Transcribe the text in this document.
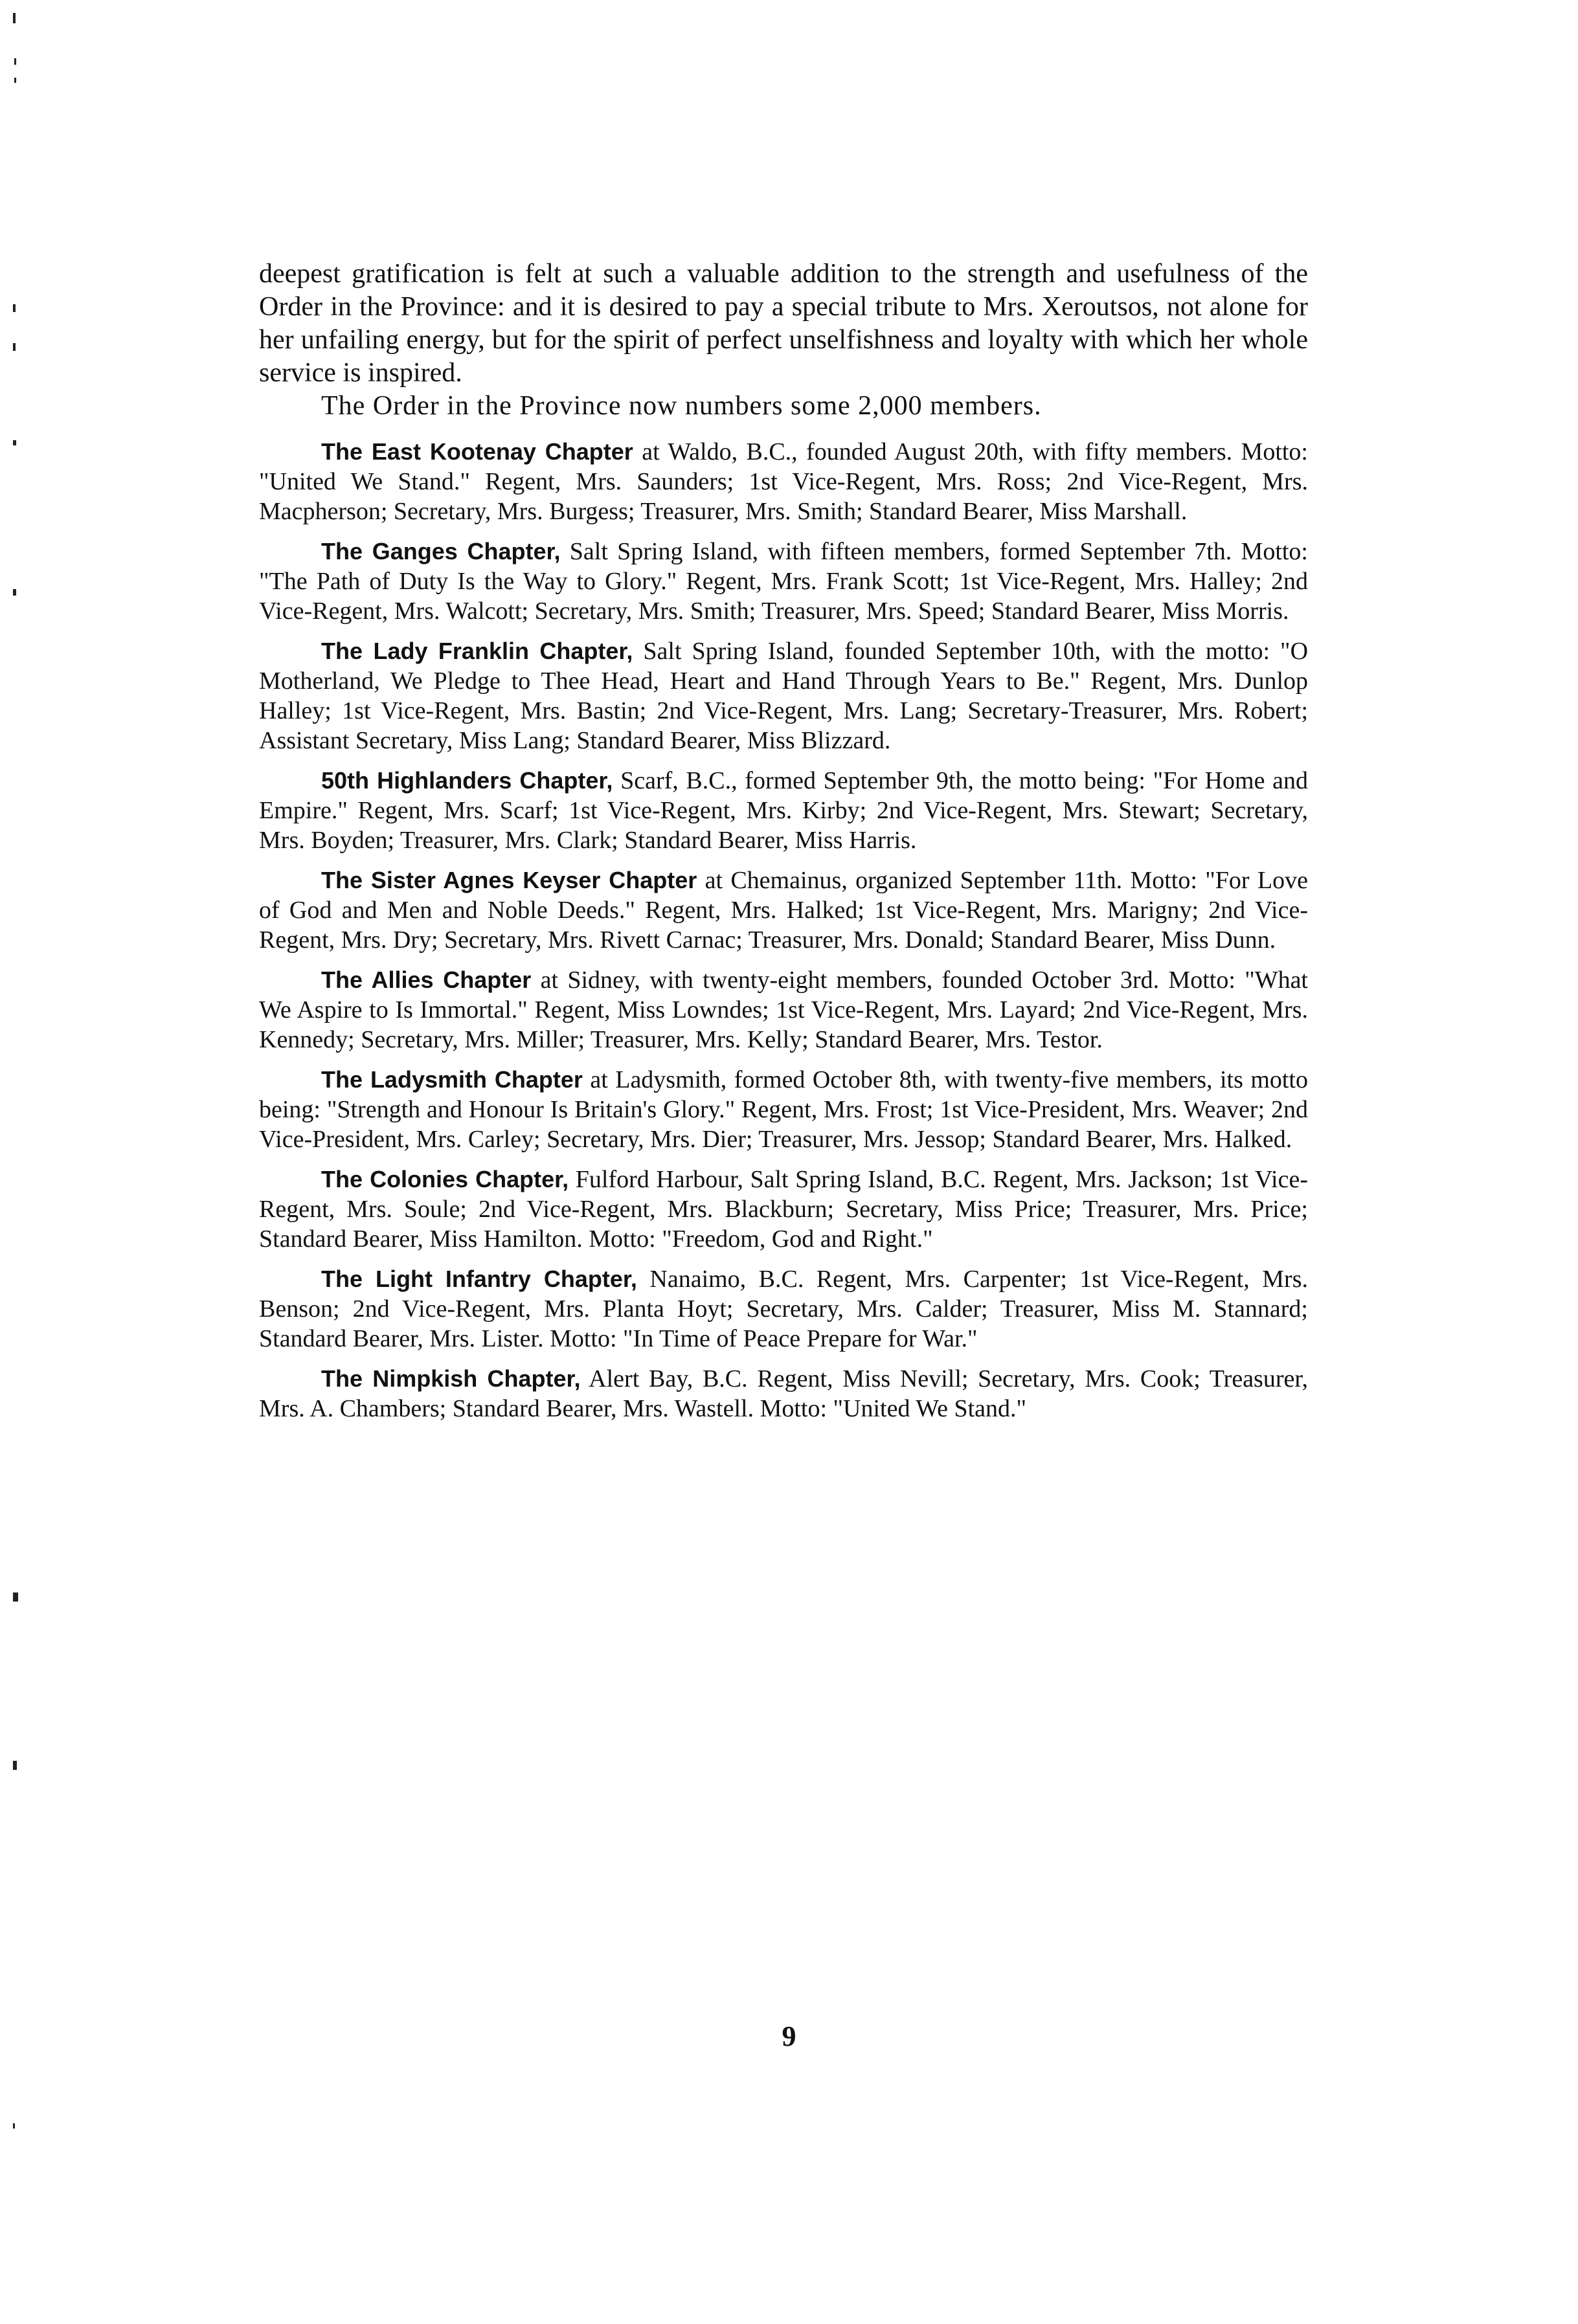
deepest gratification is felt at such a valuable addition to the strength and usefulness of the Order in the Province: and it is desired to pay a special tribute to Mrs. Xeroutsos, not alone for her unfailing energy, but for the spirit of perfect unselfishness and loyalty with which her whole service is inspired.

The Order in the Province now numbers some 2,000 members.

The East Kootenay Chapter at Waldo, B.C., founded August 20th, with fifty members. Motto: "United We Stand." Regent, Mrs. Saunders; 1st Vice-Regent, Mrs. Ross; 2nd Vice-Regent, Mrs. Macpherson; Secretary, Mrs. Burgess; Treasurer, Mrs. Smith; Standard Bearer, Miss Marshall.

The Ganges Chapter, Salt Spring Island, with fifteen members, formed September 7th. Motto: "The Path of Duty Is the Way to Glory." Regent, Mrs. Frank Scott; 1st Vice-Regent, Mrs. Halley; 2nd Vice-Regent, Mrs. Walcott; Secretary, Mrs. Smith; Treasurer, Mrs. Speed; Standard Bearer, Miss Morris.

The Lady Franklin Chapter, Salt Spring Island, founded September 10th, with the motto: "O Motherland, We Pledge to Thee Head, Heart and Hand Through Years to Be." Regent, Mrs. Dunlop Halley; 1st Vice-Regent, Mrs. Bastin; 2nd Vice-Regent, Mrs. Lang; Secretary-Treasurer, Mrs. Robert; Assistant Secretary, Miss Lang; Standard Bearer, Miss Blizzard.

50th Highlanders Chapter, Scarf, B.C., formed September 9th, the motto being: "For Home and Empire." Regent, Mrs. Scarf; 1st Vice-Regent, Mrs. Kirby; 2nd Vice-Regent, Mrs. Stewart; Secretary, Mrs. Boyden; Treasurer, Mrs. Clark; Standard Bearer, Miss Harris.

The Sister Agnes Keyser Chapter at Chemainus, organized September 11th. Motto: "For Love of God and Men and Noble Deeds." Regent, Mrs. Halked; 1st Vice-Regent, Mrs. Marigny; 2nd Vice-Regent, Mrs. Dry; Secretary, Mrs. Rivett Carnac; Treasurer, Mrs. Donald; Standard Bearer, Miss Dunn.

The Allies Chapter at Sidney, with twenty-eight members, founded October 3rd. Motto: "What We Aspire to Is Immortal." Regent, Miss Lowndes; 1st Vice-Regent, Mrs. Layard; 2nd Vice-Regent, Mrs. Kennedy; Secretary, Mrs. Miller; Treasurer, Mrs. Kelly; Standard Bearer, Mrs. Testor.

The Ladysmith Chapter at Ladysmith, formed October 8th, with twenty-five members, its motto being: "Strength and Honour Is Britain's Glory." Regent, Mrs. Frost; 1st Vice-President, Mrs. Weaver; 2nd Vice-President, Mrs. Carley; Secretary, Mrs. Dier; Treasurer, Mrs. Jessop; Standard Bearer, Mrs. Halked.

The Colonies Chapter, Fulford Harbour, Salt Spring Island, B.C. Regent, Mrs. Jackson; 1st Vice-Regent, Mrs. Soule; 2nd Vice-Regent, Mrs. Blackburn; Secretary, Miss Price; Treasurer, Mrs. Price; Standard Bearer, Miss Hamilton. Motto: "Freedom, God and Right."

The Light Infantry Chapter, Nanaimo, B.C. Regent, Mrs. Carpenter; 1st Vice-Regent, Mrs. Benson; 2nd Vice-Regent, Mrs. Planta Hoyt; Secretary, Mrs. Calder; Treasurer, Miss M. Stannard; Standard Bearer, Mrs. Lister. Motto: "In Time of Peace Prepare for War."

The Nimpkish Chapter, Alert Bay, B.C. Regent, Miss Nevill; Secretary, Mrs. Cook; Treasurer, Mrs. A. Chambers; Standard Bearer, Mrs. Wastell. Motto: "United We Stand."

9
